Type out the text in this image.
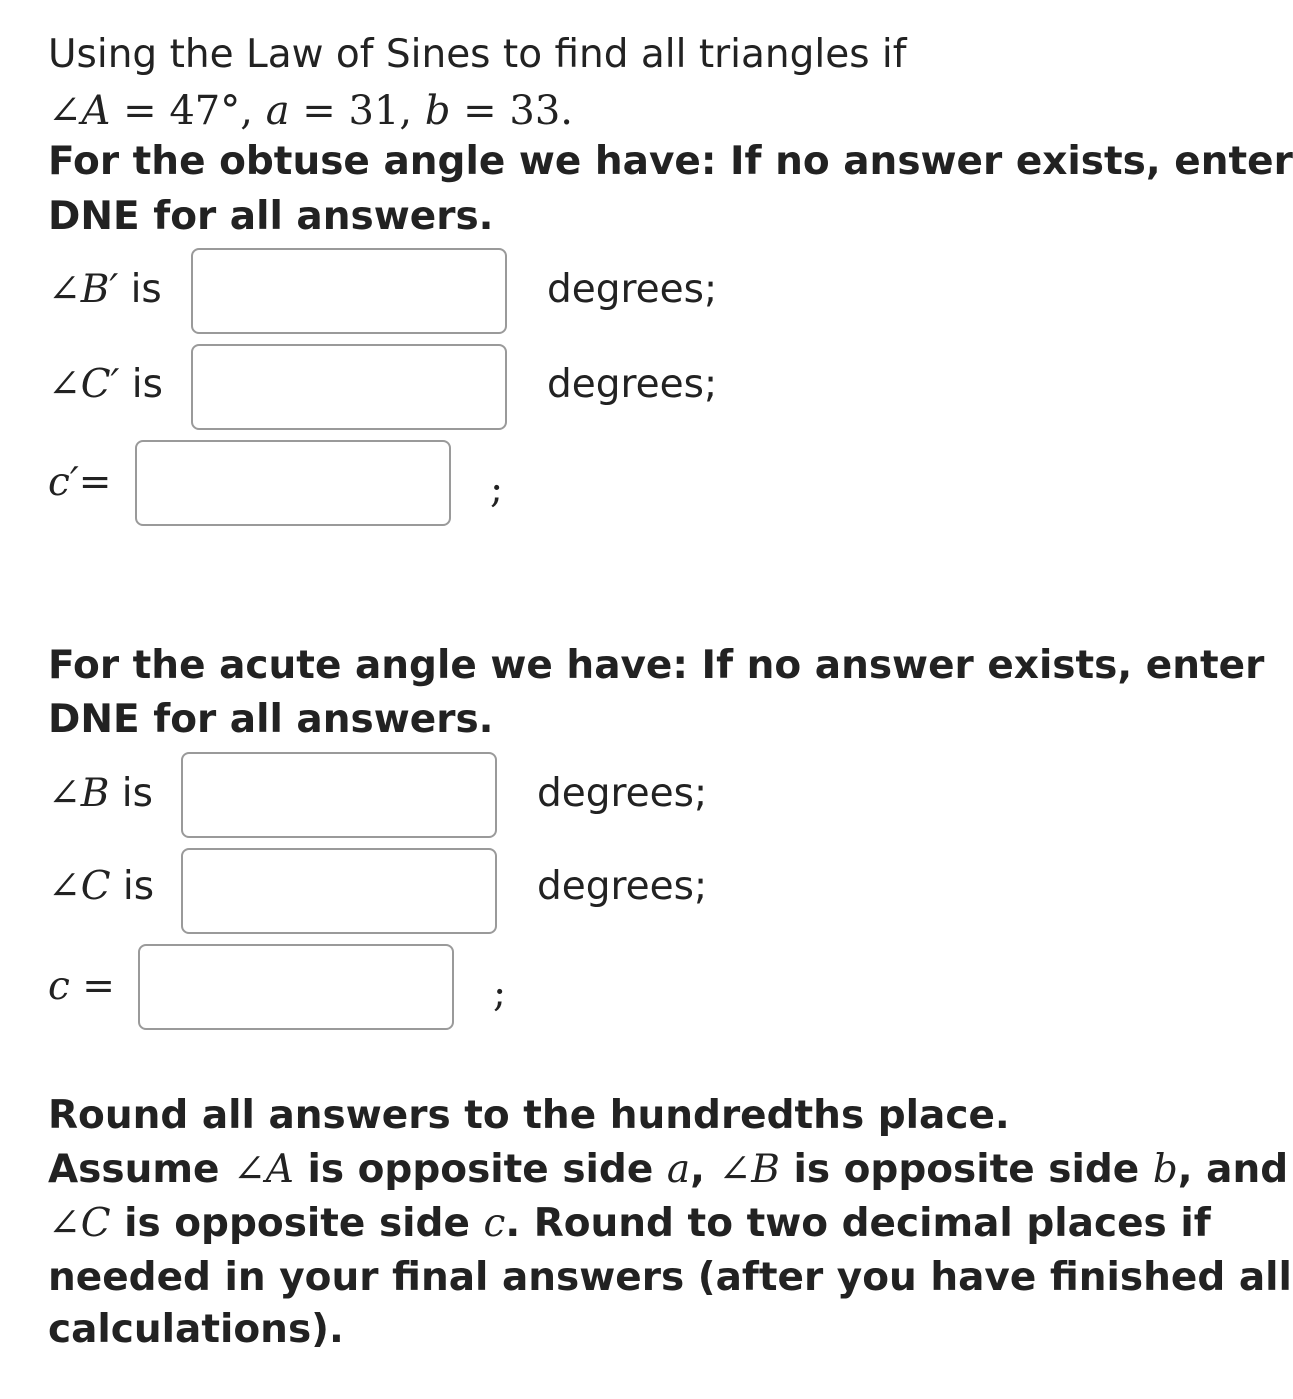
Using the Law of Sines to find all triangles if
∠A = 47°, a = 31, b = 33.
For the obtuse angle we have: If no answer exists, enter
DNE for all answers.
∠B′ is	degrees;
∠C′ is	degrees;
c′=	;
For the acute angle we have: If no answer exists, enter
DNE for all answers.
∠B is	degrees;
∠C is	degrees;
c =	;
Round all answers to the hundredths place.
Assume ∠A is opposite side a, ∠B is opposite side b, and
∠C is opposite side c. Round to two decimal places if
needed in your final answers (after you have finished all
calculations).
